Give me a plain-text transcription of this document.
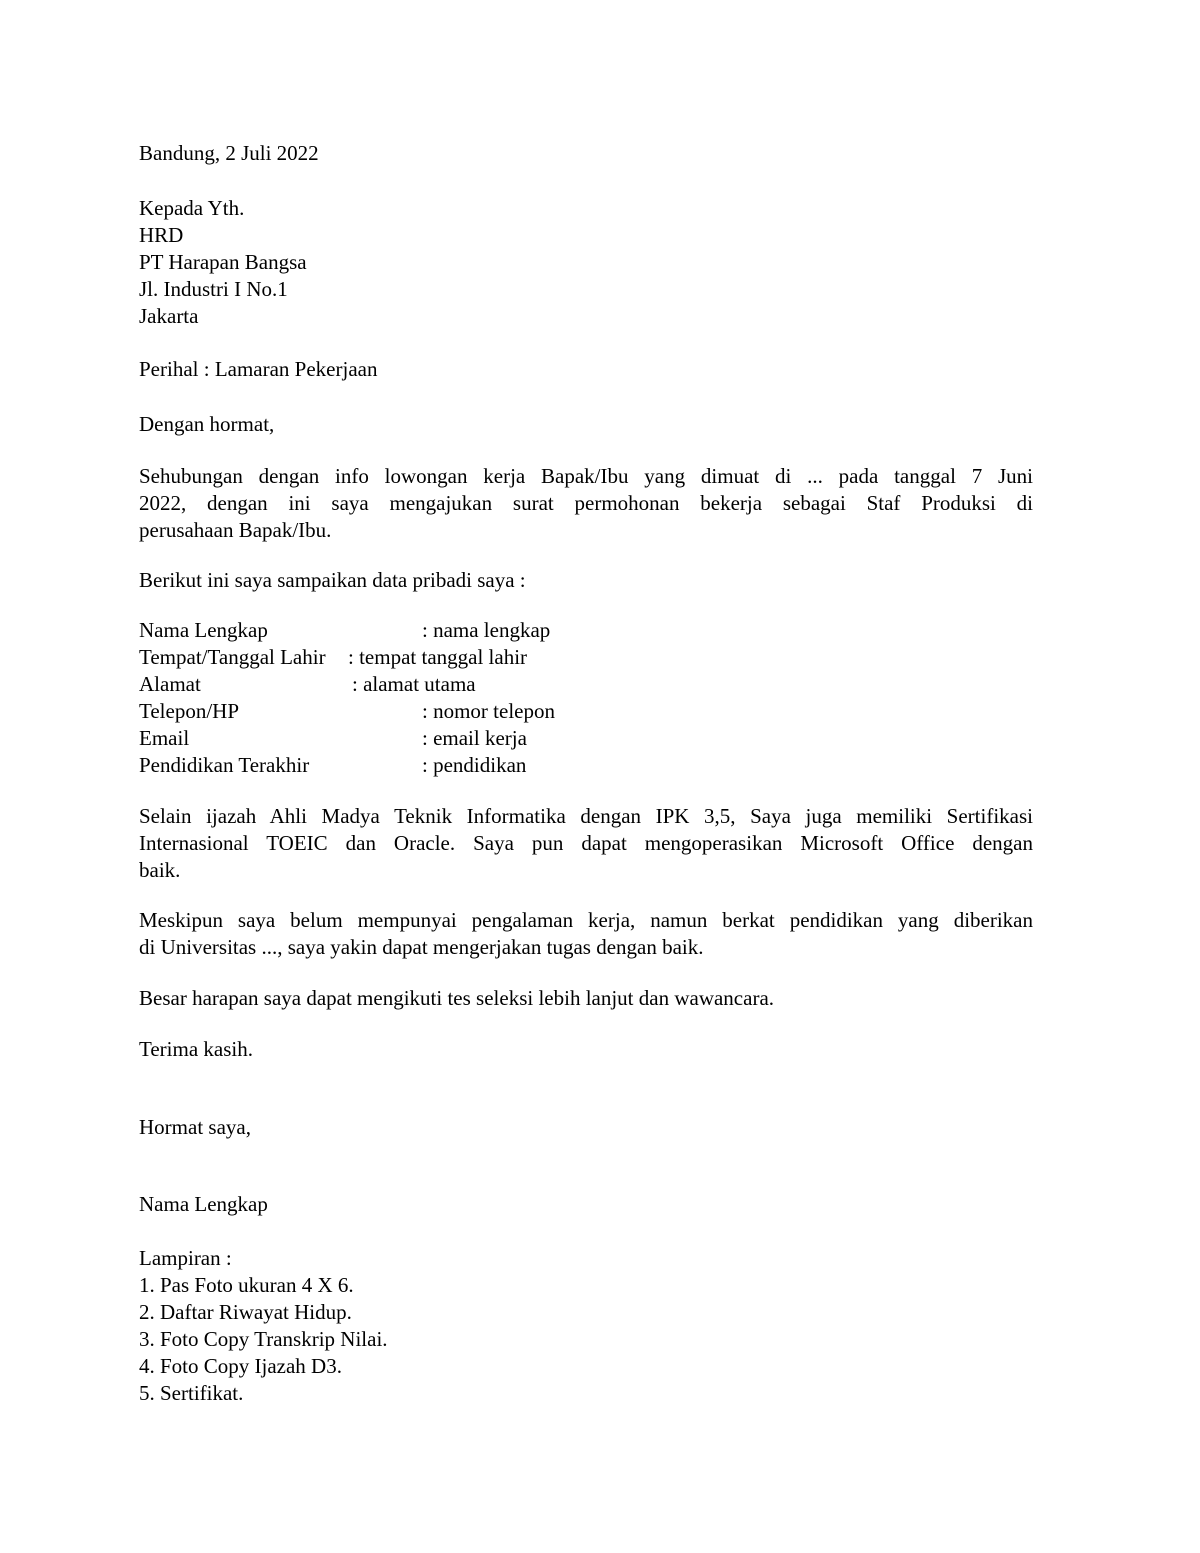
Bandung, 2 Juli 2022

Kepada Yth.

HRD

PT Harapan Bangsa

Jl. Industri I No.1

Jakarta

Perihal : Lamaran Pekerjaan

Dengan hormat,

Sehubungan dengan info lowongan kerja Bapak/Ibu yang dimuat di ... pada tanggal 7 Juni
2022, dengan ini saya mengajukan surat permohonan bekerja sebagai Staf Produksi di
perusahaan Bapak/Ibu.

Berikut ini saya sampaikan data pribadi saya :

Nama Lengkap	: nama lengkap
Tempat/Tanggal Lahir : tempat tanggal lahir
Alamat	: alamat utama
Telepon/HP	: nomor telepon
Email	: email kerja
Pendidikan Terakhir	: pendidikan
Selain ijazah Ahli Madya Teknik Informatika dengan IPK 3,5, Saya juga memiliki Sertifikasi
Internasional TOEIC dan Oracle. Saya pun dapat mengoperasikan Microsoft Office dengan
baik.
Meskipun saya belum mempunyai pengalaman kerja, namun berkat pendidikan yang diberikan
di Universitas ..., saya yakin dapat mengerjakan tugas dengan baik.

Besar harapan saya dapat mengikuti tes seleksi lebih lanjut dan wawancara.

Terima kasih.

Hormat saya,

Nama Lengkap

Lampiran :

1. Pas Foto ukuran 4 X 6.

2. Daftar Riwayat Hidup.

3. Foto Copy Transkrip Nilai.

4. Foto Copy Ijazah D3.

5. Sertifikat.
